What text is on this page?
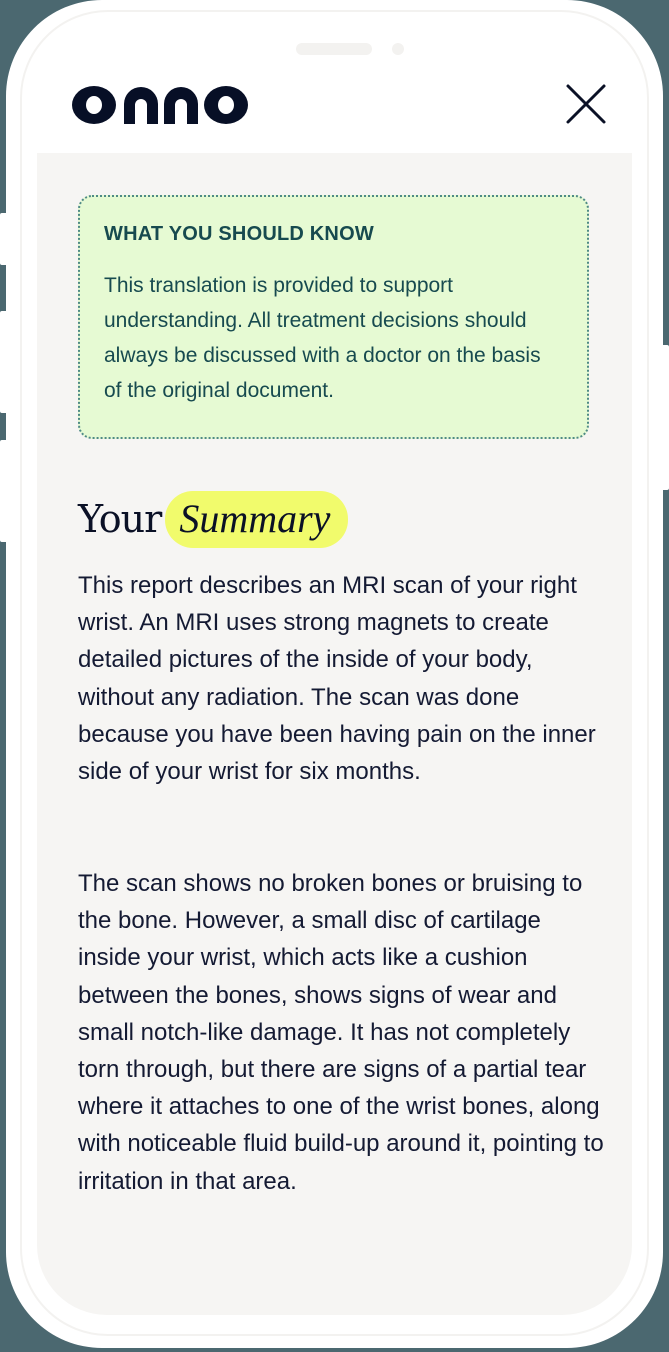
WHAT YOU SHOULD KNOW
This translation is provided to support understanding. All treatment decisions should always be discussed with a doctor on the basis of the original document.
Your Summary
This report describes an MRI scan of your right wrist. An MRI uses strong magnets to create detailed pictures of the inside of your body, without any radiation. The scan was done because you have been having pain on the inner side of your wrist for six months.
The scan shows no broken bones or bruising to the bone. However, a small disc of cartilage inside your wrist, which acts like a cushion between the bones, shows signs of wear and small notch-like damage. It has not completely torn through, but there are signs of a partial tear where it attaches to one of the wrist bones, along with noticeable fluid build-up around it, pointing to irritation in that area.
